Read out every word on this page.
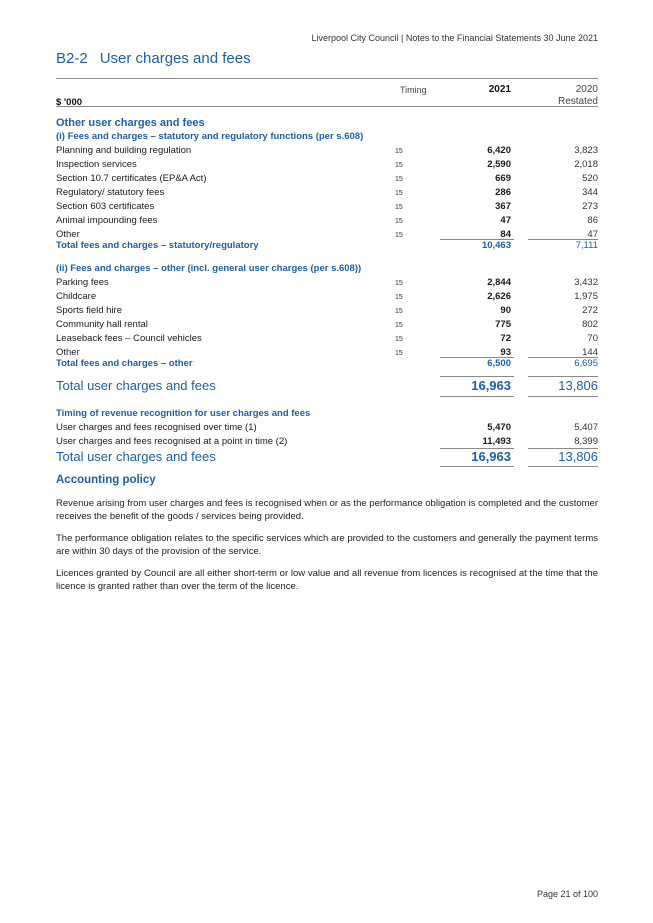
Liverpool City Council | Notes to the Financial Statements 30 June 2021
B2-2 User charges and fees
Timing	2021	2020
$ '000	Restated
Other user charges and fees
(i) Fees and charges – statutory and regulatory functions (per s.608)
Planning and building regulation	15	6,420	3,823
Inspection services	15	2,590	2,018
Section 10.7 certificates (EP&A Act)	15	669	520
Regulatory/ statutory fees	15	286	344
Section 603 certificates	15	367	273
Animal impounding fees	15	47	86
Other	15	84	47
Total fees and charges – statutory/regulatory	10,463	7,111
(ii) Fees and charges – other (incl. general user charges (per s.608))
Parking fees	15	2,844	3,432
Childcare	15	2,626	1,975
Sports field hire	15	90	272
Community hall rental	15	775	802
Leaseback fees – Council vehicles	15	72	70
Other	15	93	144
Total fees and charges – other	6,500	6,695
Total user charges and fees	16,963	13,806
Timing of revenue recognition for user charges and fees
User charges and fees recognised over time (1)	5,470	5,407
User charges and fees recognised at a point in time (2)	11,493	8,399
Total user charges and fees	16,963	13,806
Accounting policy
Revenue arising from user charges and fees is recognised when or as the performance obligation is completed and the customer receives the benefit of the goods / services being provided.
The performance obligation relates to the specific services which are provided to the customers and generally the payment terms are within 30 days of the provision of the service.
Licences granted by Council are all either short-term or low value and all revenue from licences is recognised at the time that the licence is granted rather than over the term of the licence.
Page 21 of 100
